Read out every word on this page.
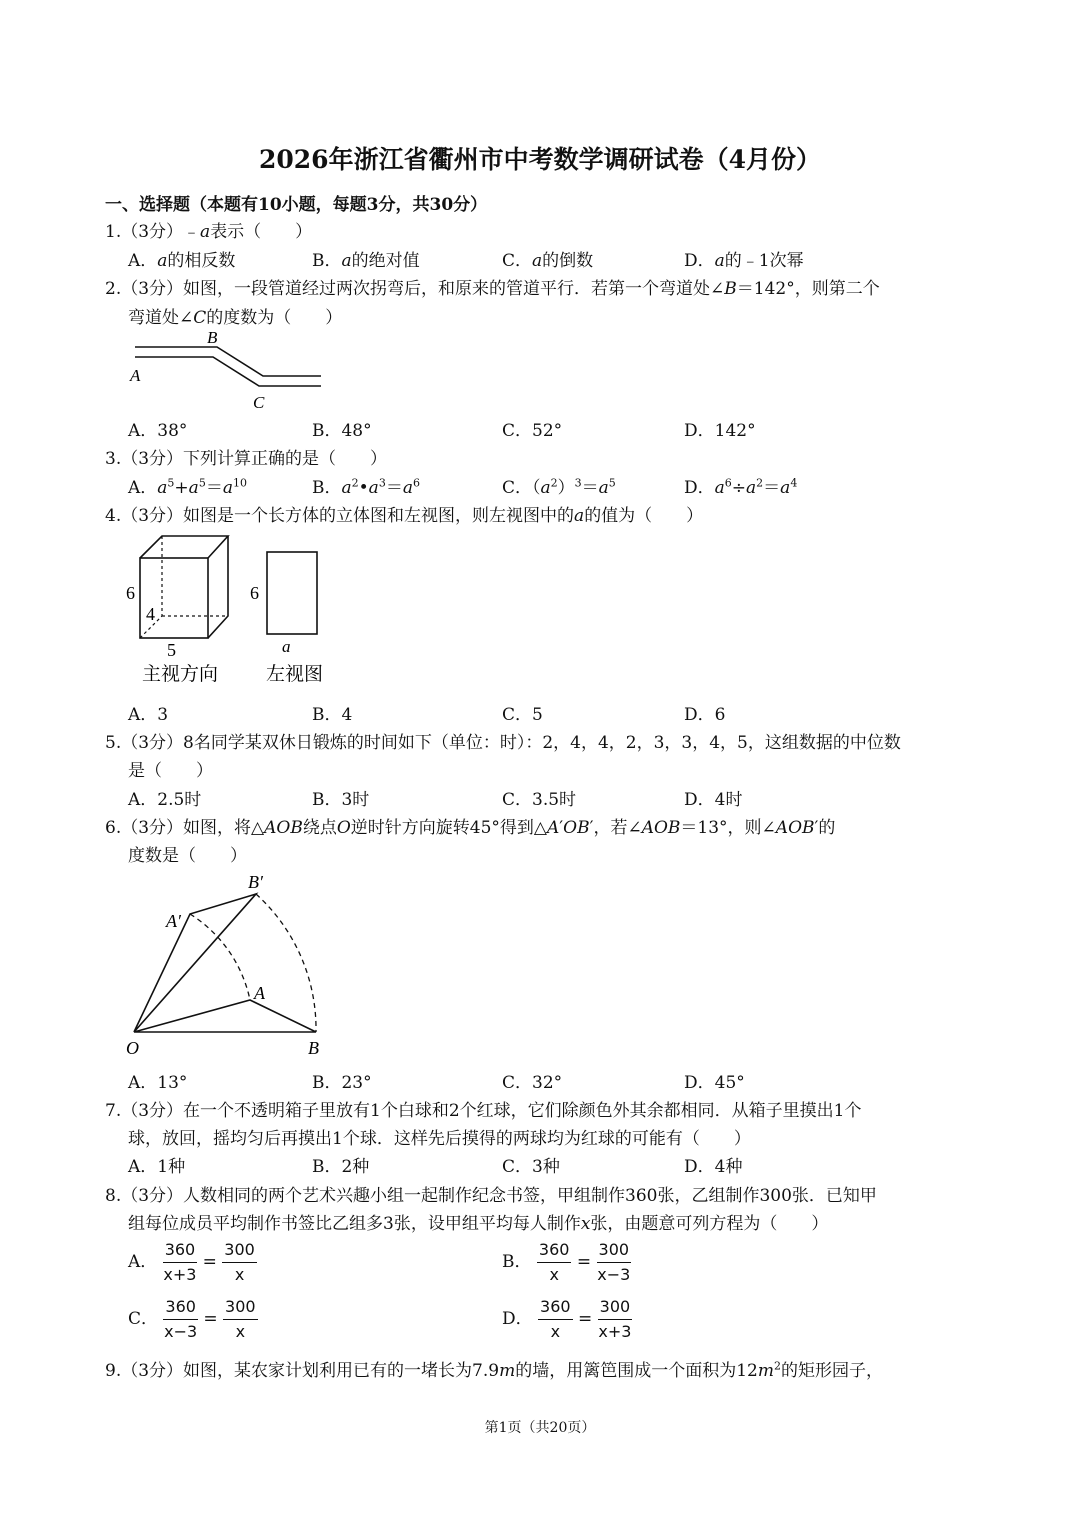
2026年浙江省衢州市中考数学调研试卷（4月份）
一、选择题（本题有10小题，每题3分，共30分）
1.（3分）﹣a表示（　　）
A．a的相反数	B．a的绝对值	C．a的倒数	D．a的﹣1次幂
2.（3分）如图，一段管道经过两次拐弯后，和原来的管道平行．若第一个弯道处∠B＝142°，则第二个
弯道处∠C的度数为（　　）
B
A
C
A．38°	B．48°	C．52°	D．142°
3.（3分）下列计算正确的是（　　）
A．$a^5+a^5=a^{10}$	B．$a^2•a^3=a^6$	C．$(a^2)^3=a^5$	D．$a^6\div a^2=a^4$
4.（3分）如图是一个长方体的立体图和左视图，则左视图中的a的值为（　　）
6
4
5
主视方向
6
a
左视图
A．3	B．4	C．5	D．6
5.（3分）8名同学某双休日锻炼的时间如下（单位：时）：2，4，4，2，3，3，4，5，这组数据的中位数
是（　　）
A．2.5时	B．3时	C．3.5时	D．4时
6.（3分）如图，将△AOB绕点O逆时针方向旋转45°得到△A′OB′，若∠AOB＝13°，则∠AOB′的
度数是（　　）
O
A
B
A′
B′
A．13°	B．23°	C．32°	D．45°
7.（3分）在一个不透明箱子里放有1个白球和2个红球，它们除颜色外其余都相同．从箱子里摸出1个
球，放回，摇均匀后再摸出1个球．这样先后摸得的两球均为红球的可能有（　　）
A．1种	B．2种	C．3种	D．4种
8.（3分）人数相同的两个艺术兴趣小组一起制作纪念书签，甲组制作360张，乙组制作300张．已知甲
组每位成员平均制作书签比乙组多3张，设甲组平均每人制作x张，由题意可列方程为（　　）
A． $\frac{360}{x+3} = \frac{300}{x}$	B． $\frac{360}{x} = \frac{300}{x-3}$
C． $\frac{360}{x-3} = \frac{300}{x}$	D． $\frac{360}{x} = \frac{300}{x+3}$
9.（3分）如图，某农家计划利用已有的一堵长为7.9m的墙，用篱笆围成一个面积为$12m^2$的矩形园子，
第1页（共20页）
